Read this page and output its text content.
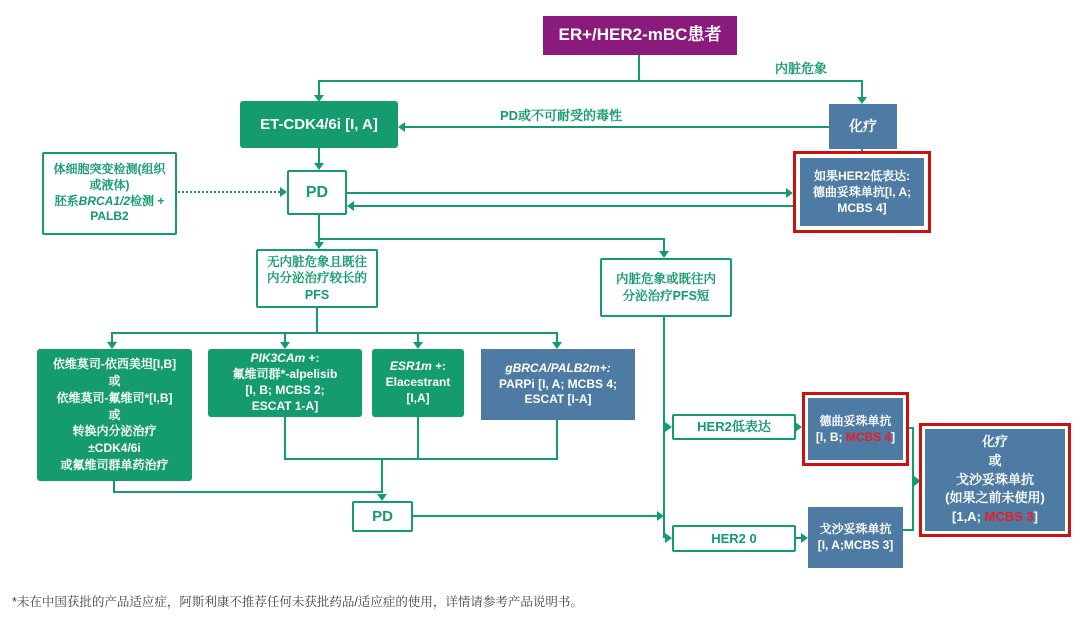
内脏危象
PD或不可耐受的毒性
ER+/HER2-mBC患者
ET-CDK4/6i [I, A]	化疗
如果HER2低表达:
德曲妥珠单抗[I, A;
MCBS 4]
体细胞突变检测(组织
或液体)
胚系BRCA1/2检测 +
PALB2
PD
无内脏危象且既往
内分泌治疗较长的
PFS
内脏危象或既往内
分泌治疗PFS短
依维莫司-依西美坦[I,B]
或
依维莫司-氟维司*[I,B]
或
转换内分泌治疗
±CDK4/6i
或氟维司群单药治疗
PIK3CAm +:
氟维司群*-alpelisib
[I, B; MCBS 2;
ESCAT 1-A]
ESR1m +:
Elacestrant
[I,A]
gBRCA/PALB2m+:
PARPi [I, A; MCBS 4;
ESCAT [I-A]
PD
HER2低表达
HER2 0
德曲妥珠单抗
[I, B; MCBS 4]
戈沙妥珠单抗
[I, A;MCBS 3]
化疗
或
戈沙妥珠单抗
(如果之前未使用)
[1,A; MCBS 3]
*未在中国获批的产品适应症，阿斯利康不推荐任何未获批药品/适应症的使用，详情请参考产品说明书。
